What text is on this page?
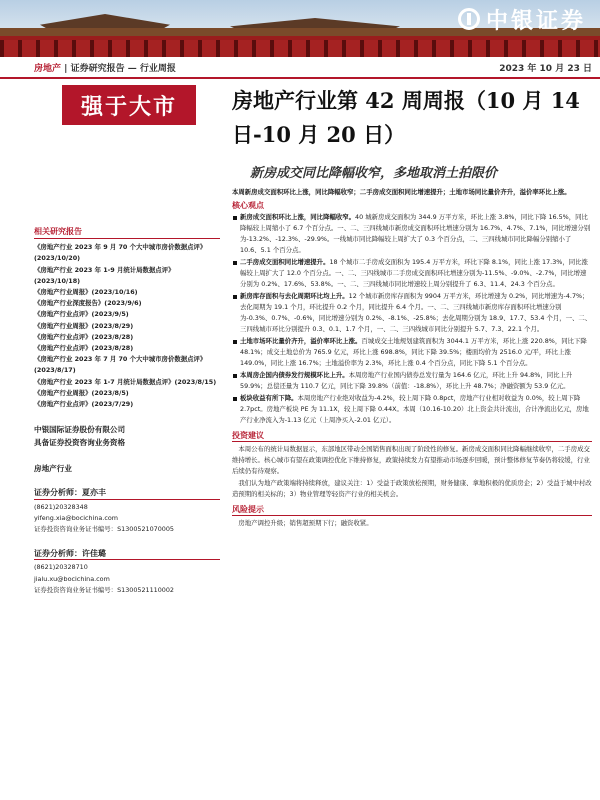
中银证券
房地产 | 证券研究报告 — 行业周报	2023 年 10 月 23 日
强于大市	房地产行业第 42 周周报（10 月 14 日-10 月 20 日）
新房成交同比降幅收窄，多地取消土拍限价
相关研究报告
《房地产行业 2023 年 9 月 70 个大中城市房价数据点评》(2023/10/20)
《房地产行业 2023 年 1-9 月统计局数据点评》(2023/10/18)
《房地产行业周报》(2023/10/16)
《房地产行业深度报告》(2023/9/6)
《房地产行业点评》(2023/9/5)
《房地产行业周报》(2023/8/29)
《房地产行业点评》(2023/8/28)
《房地产行业点评》(2023/8/28)
《房地产行业 2023 年 7 月 70 个大中城市房价数据点评》(2023/8/17)
《房地产行业 2023 年 1-7 月统计局数据点评》(2023/8/15)
《房地产行业周报》(2023/8/5)
《房地产行业点评》(2023/7/29)
中银国际证券股份有限公司
具备证券投资咨询业务资格
房地产行业
证券分析师：夏亦丰
(8621)20328348
yifeng.xia@bocichina.com
证券投资咨询业务证书编号：S1300521070005
证券分析师：许佳璐
(8621)20328710
jialu.xu@bocichina.com
证券投资咨询业务证书编号：S1300521110002
本周新房成交面积环比上涨，同比降幅收窄；二手房成交面积同比增速提升；土地市场同比量价齐升，溢价率环比上涨。
核心观点
新房成交面积环比上涨，同比降幅收窄。40 城新房成交面积为 344.9 万平方米，环比上涨 3.8%，同比下降 16.5%，同比降幅较上周缩小了 6.7 个百分点。一、二、三四线城市新房成交面积环比增速分别为 16.7%、4.7%、7.1%，同比增速分别为-13.2%、-12.3%、-29.9%。一线城市同比降幅较上周扩大了 0.3 个百分点，二、三四线城市同比降幅分别缩小了 10.6、5.1 个百分点。
二手房成交面积同比增速提升。18 个城市二手房成交面积为 195.4 万平方米，环比下降 8.1%，同比上涨 17.3%，同比涨幅较上周扩大了 12.0 个百分点。一、二、三四线城市二手房成交面积环比增速分别为-11.5%、-9.0%、-2.7%，同比增速分别为 0.2%、17.6%、53.8%。一、二、三四线城市同比增速较上周分别提升了 6.3、11.4、24.3 个百分点。
新房库存面积与去化周期环比均上升。12 个城市新房库存面积为 9904 万平方米，环比增速为 0.2%，同比增速为-4.7%；去化周期为 19.1 个月，环比提升 0.2 个月，同比提升 6.4 个月。一、二、三四线城市新房库存面积环比增速分别为-0.3%、0.7%、-0.6%，同比增速分别为 0.2%、-8.1%、-25.8%；去化周期分别为 18.9、17.7、53.4 个月，一、二、三四线城市环比分别提升 0.3、0.1、1.7 个月，一、二、三四线城市同比分别提升 5.7、7.3、22.1 个月。
土地市场环比量价齐升，溢价率环比上涨。百城成交土地规划建筑面积为 3044.1 万平方米，环比上涨 220.8%，同比下降 48.1%；成交土地总价为 765.9 亿元，环比上涨 698.8%，同比下降 39.5%；楼面均价为 2516.0 元/平，环比上涨 149.0%，同比上涨 16.7%；土地溢价率为 2.3%，环比上涨 0.4 个百分点，同比下降 5.1 个百分点。
本周房企国内债券发行规模环比上升。本周房地产行业国内债券总发行量为 164.6 亿元，环比上升 94.8%，同比上升 59.9%；总偿还量为 110.7 亿元，同比下降 39.8%（前值：-18.8%），环比上升 48.7%；净融资额为 53.9 亿元。
板块收益有所下降。本周房地产行业绝对收益为-4.2%，较上周下降 0.8pct，房地产行业相对收益为 0.0%，较上周下降 2.7pct。房地产板块 PE 为 11.1X，较上周下降 0.44X。本周（10.16-10.20）北上资金共计流出，合计净流出亿元，房地产行业净流入为-1.13 亿元（上周净买入-2.01 亿元）。
投资建议
本周公布的统计局数据显示，东部地区带动全国销售面积出现了阶段性的修复。新房成交面积同比降幅继续收窄，二手房成交维持增长。核心城市有望在政策调控优化下维持修复，政策持续发力有望推动市场逐步回暖，预计整体修复节奏仍将较缓，行业后续仍有待观察。
我们认为地产政策端将持续释放，建议关注：1）受益于政策放松预期，财务健康、拿地积极的优质房企；2）受益于城中村改造预期的相关标的；3）物业管理等轻资产行业的相关机会。
风险提示
房地产调控升级；销售超预期下行；融资收紧。
